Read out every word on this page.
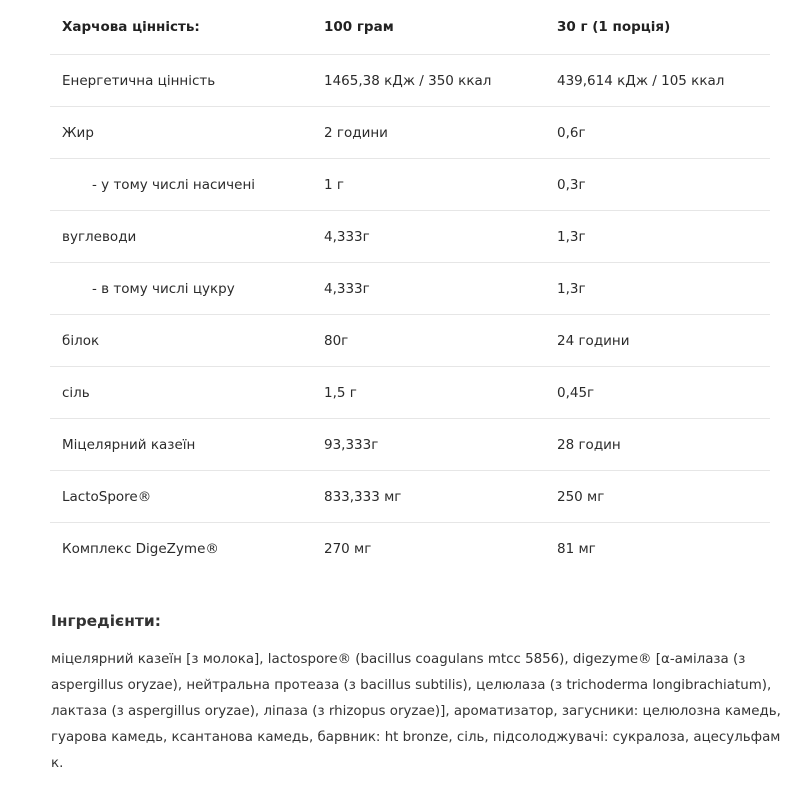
Харчова цінність:	100 грам	30 г (1 порція)
Енергетична цінність	1465,38 кДж / 350 ккал	439,614 кДж / 105 ккал
Жир	2 години	0,6г
- у тому числі насичені	1 г	0,3г
вуглеводи	4,333г	1,3г
- в тому числі цукру	4,333г	1,3г
білок	80г	24 години
сіль	1,5 г	0,45г
Міцелярний казеїн	93,333г	28 годин
LactoSpore®	833,333 мг	250 мг
Комплекс DigeZyme®	270 мг	81 мг
Інгредієнти:

міцелярний казеїн [з молока], lactospore® (bacillus coagulans mtcc 5856), digezyme® [α-амілаза (з aspergillus oryzae), нейтральна протеаза (з bacillus subtilis), целюлаза (з trichoderma longibrachiatum), лактаза (з aspergillus oryzae), ліпаза (з rhizopus oryzae)], ароматизатор, загусники: целюлозна камедь, гуарова камедь, ксантанова камедь, барвник: ht bronze, сіль, підсолоджувачі: сукралоза, ацесульфам к.
